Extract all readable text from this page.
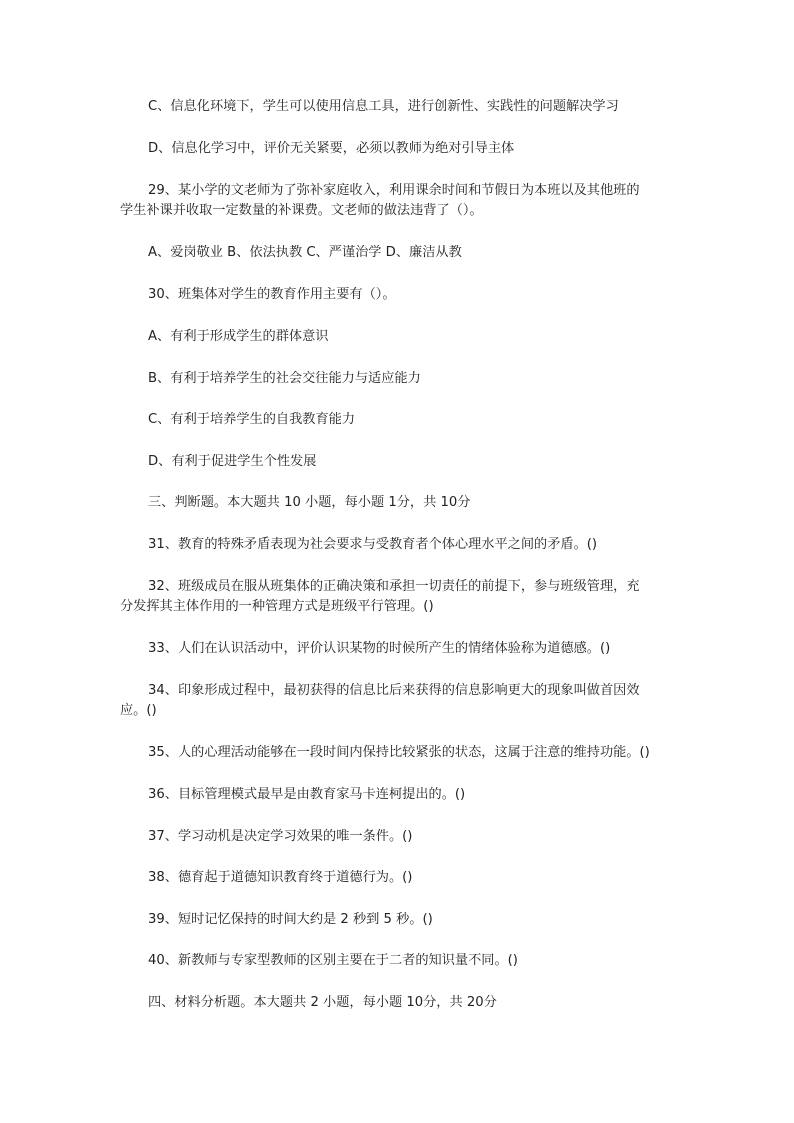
C、信息化环境下，学生可以使用信息工具，进行创新性、实践性的问题解决学习
D、信息化学习中，评价无关紧要，必须以教师为绝对引导主体
29、某小学的文老师为了弥补家庭收入，利用课余时间和节假日为本班以及其他班的
学生补课并收取一定数量的补课费。文老师的做法违背了（）。
A、爱岗敬业 B、依法执教 C、严谨治学 D、廉洁从教
30、班集体对学生的教育作用主要有（）。
A、有利于形成学生的群体意识
B、有利于培养学生的社会交往能力与适应能力
C、有利于培养学生的自我教育能力
D、有利于促进学生个性发展
三、判断题。本大题共 10 小题，每小题 1分，共 10分
31、教育的特殊矛盾表现为社会要求与受教育者个体心理水平之间的矛盾。()
32、班级成员在服从班集体的正确决策和承担一切责任的前提下，参与班级管理，充
分发挥其主体作用的一种管理方式是班级平行管理。()
33、人们在认识活动中，评价认识某物的时候所产生的情绪体验称为道德感。()
34、印象形成过程中，最初获得的信息比后来获得的信息影响更大的现象叫做首因效
应。()
35、人的心理活动能够在一段时间内保持比较紧张的状态，这属于注意的维持功能。()
36、目标管理模式最早是由教育家马卡连柯提出的。()
37、学习动机是决定学习效果的唯一条件。()
38、德育起于道德知识教育终于道德行为。()
39、短时记忆保持的时间大约是 2 秒到 5 秒。()
40、新教师与专家型教师的区别主要在于二者的知识量不同。()
四、材料分析题。本大题共 2 小题，每小题 10分，共 20分
